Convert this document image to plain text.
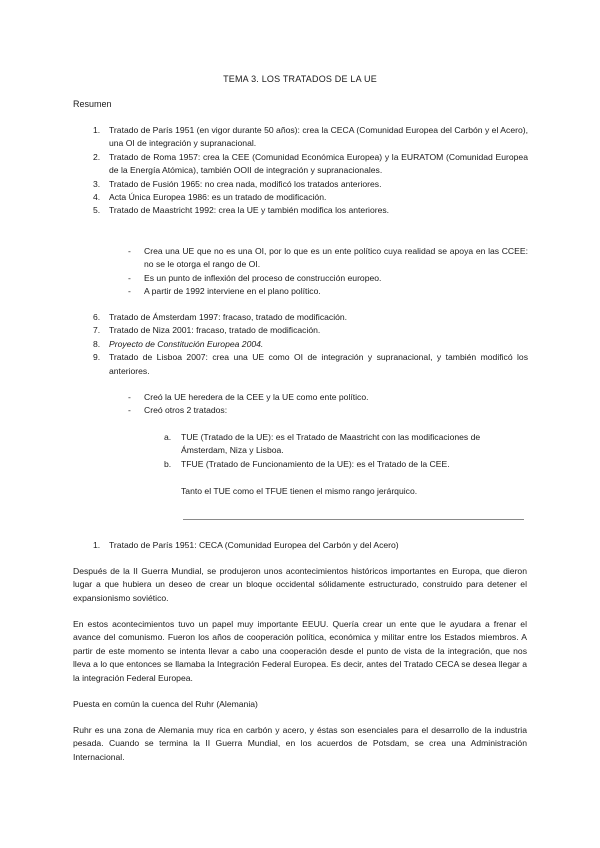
TEMA 3. LOS TRATADOS DE LA UE
Resumen
1. Tratado de París 1951 (en vigor durante 50 años): crea la CECA (Comunidad Europea del Carbón y el Acero), una OI de integración y supranacional.
2. Tratado de Roma 1957: crea la CEE (Comunidad Económica Europea) y la EURATOM (Comunidad Europea de la Energía Atómica), también OOII de integración y supranacionales.
3. Tratado de Fusión 1965: no crea nada, modificó los tratados anteriores.
4. Acta Única Europea 1986: es un tratado de modificación.
5. Tratado de Maastricht 1992: crea la UE y también modifica los anteriores.
- Crea una UE que no es una OI, por lo que es un ente político cuya realidad se apoya en las CCEE: no se le otorga el rango de OI.
- Es un punto de inflexión del proceso de construcción europeo.
- A partir de 1992 interviene en el plano político.
6. Tratado de Ámsterdam 1997: fracaso, tratado de modificación.
7. Tratado de Niza 2001: fracaso, tratado de modificación.
8. Proyecto de Constitución Europea 2004.
9. Tratado de Lisboa 2007: crea una UE como OI de integración y supranacional, y también modificó los anteriores.
- Creó la UE heredera de la CEE y la UE como ente político.
- Creó otros 2 tratados:
a. TUE (Tratado de la UE): es el Tratado de Maastricht con las modificaciones de Ámsterdam, Niza y Lisboa.
b. TFUE (Tratado de Funcionamiento de la UE): es el Tratado de la CEE.
Tanto el TUE como el TFUE tienen el mismo rango jerárquico.
1. Tratado de París 1951: CECA (Comunidad Europea del Carbón y del Acero)

Después de la II Guerra Mundial, se produjeron unos acontecimientos históricos importantes en Europa, que dieron lugar a que hubiera un deseo de crear un bloque occidental sólidamente estructurado, construido para detener el expansionismo soviético.

En estos acontecimientos tuvo un papel muy importante EEUU. Quería crear un ente que le ayudara a frenar el avance del comunismo. Fueron los años de cooperación política, económica y militar entre los Estados miembros. A partir de este momento se intenta llevar a cabo una cooperación desde el punto de vista de la integración, que nos lleva a lo que entonces se llamaba la Integración Federal Europea. Es decir, antes del Tratado CECA se desea llegar a la integración Federal Europea.

Puesta en común la cuenca del Ruhr (Alemania)

Ruhr es una zona de Alemania muy rica en carbón y acero, y éstas son esenciales para el desarrollo de la industria pesada. Cuando se termina la II Guerra Mundial, en los acuerdos de Potsdam, se crea una Administración Internacional.
